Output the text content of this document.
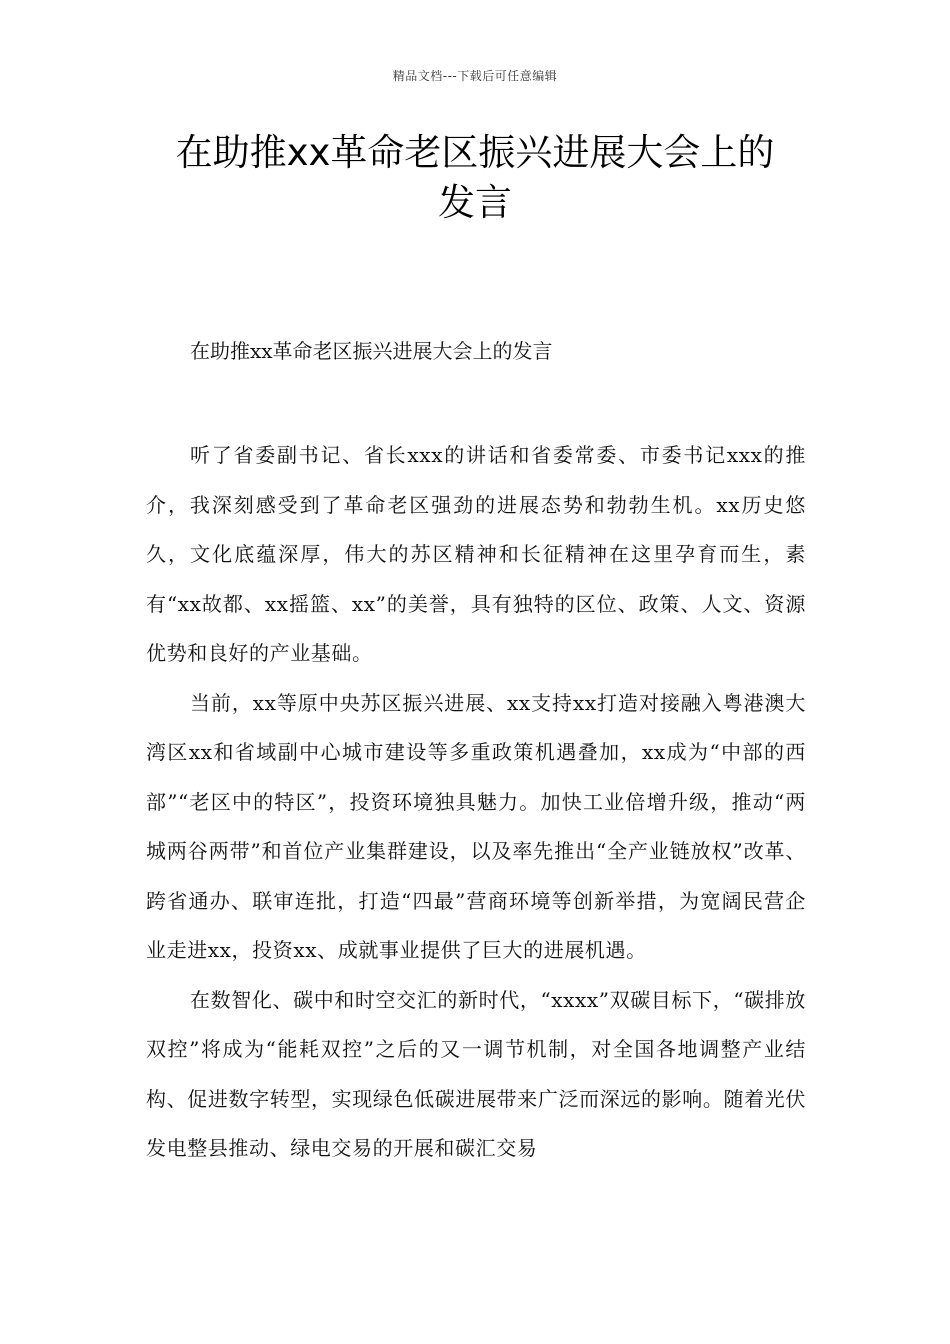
精品文档---下载后可任意编辑
在助推xx革命老区振兴进展大会上的
发言

在助推xx革命老区振兴进展大会上的发言

听了省委副书记、省长xxx的讲话和省委常委、市委书记xxx的推介，我深刻感受到了革命老区强劲的进展态势和勃勃生机。xx历史悠久，文化底蕴深厚，伟大的苏区精神和长征精神在这里孕育而生，素有“xx故都、xx摇篮、xx”的美誉，具有独特的区位、政策、人文、资源优势和良好的产业基础。

当前，xx等原中央苏区振兴进展、xx支持xx打造对接融入粤港澳大湾区xx和省域副中心城市建设等多重政策机遇叠加，xx成为“中部的西部”“老区中的特区”，投资环境独具魅力。加快工业倍增升级，推动“两城两谷两带”和首位产业集群建设，以及率先推出“全产业链放权”改革、跨省通办、联审连批，打造“四最”营商环境等创新举措，为宽阔民营企业走进xx，投资xx、成就事业提供了巨大的进展机遇。

在数智化、碳中和时空交汇的新时代，“xxxx”双碳目标下，“碳排放双控”将成为“能耗双控”之后的又一调节机制，对全国各地调整产业结构、促进数字转型，实现绿色低碳进展带来广泛而深远的影响。随着光伏发电整县推动、绿电交易的开展和碳汇交易
